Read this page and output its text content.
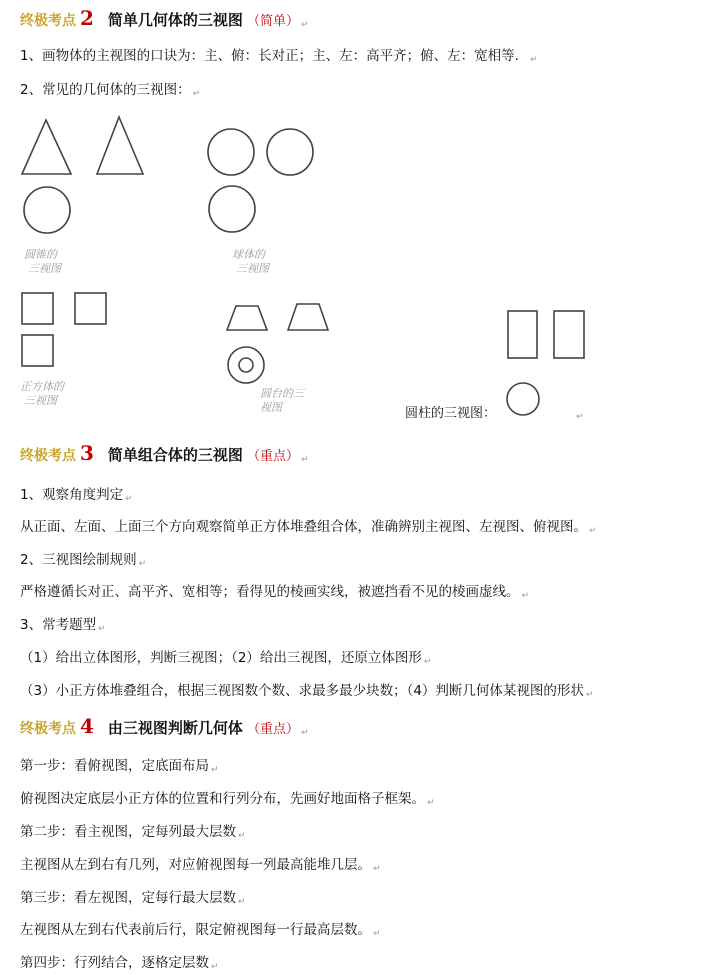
终极考点 2 简单几何体的三视图 （简单） ↵
1、画物体的主视图的口诀为：主、俯：长对正；主、左：高平齐；俯、左：宽相等． ↵
2、常见的几何体的三视图： ↵
圆锥的
三视图
球体的
三视图
正方体的
三视图
圆台的三
视图	圆柱的三视图：	↵
终极考点 3 简单组合体的三视图 （重点） ↵
1、观察角度判定 ↵
从正面、左面、上面三个方向观察简单正方体堆叠组合体，准确辨别主视图、左视图、俯视图。 ↵
2、三视图绘制规则 ↵
严格遵循长对正、高平齐、宽相等；看得见的棱画实线，被遮挡看不见的棱画虚线。 ↵
3、常考题型 ↵
（1）给出立体图形，判断三视图；（2）给出三视图，还原立体图形 ↵
（3）小正方体堆叠组合，根据三视图数个数、求最多最少块数；（4）判断几何体某视图的形状 ↵
终极考点 4 由三视图判断几何体 （重点） ↵
第一步：看俯视图，定底面布局 ↵
俯视图决定底层小正方体的位置和行列分布，先画好地面格子框架。 ↵
第二步：看主视图，定每列最大层数 ↵
主视图从左到右有几列，对应俯视图每一列最高能堆几层。 ↵
第三步：看左视图，定每行最大层数 ↵
左视图从左到右代表前后行，限定俯视图每一行最高层数。 ↵
第四步：行列结合，逐格定层数 ↵
